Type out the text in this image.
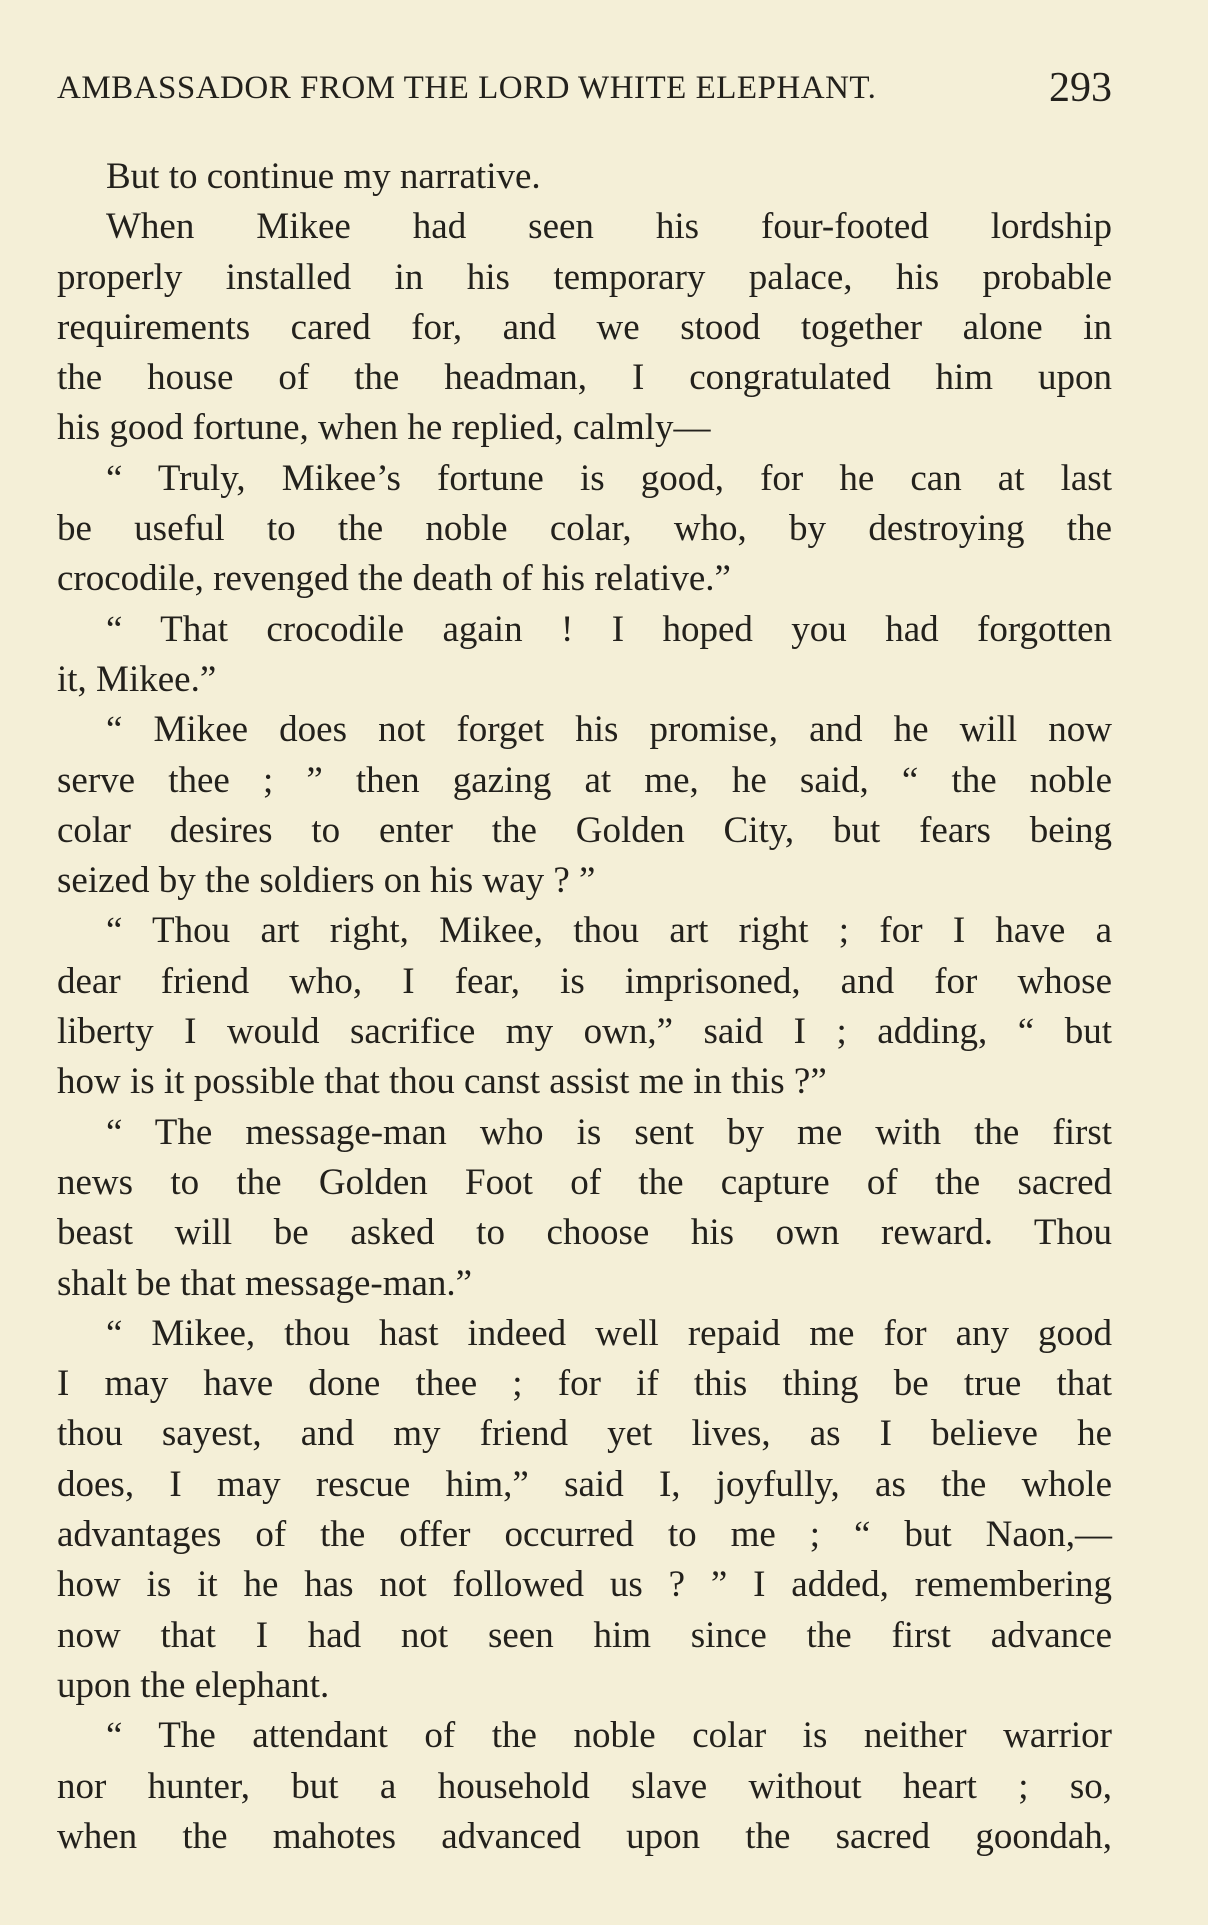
AMBASSADOR FROM THE LORD WHITE ELEPHANT.	293
But to continue my narrative.
When Mikee had seen his four-footed lordship
properly installed in his temporary palace, his probable
requirements cared for, and we stood together alone in
the house of the headman, I congratulated him upon
his good fortune, when he replied, calmly—
“ Truly, Mikee’s fortune is good, for he can at last
be useful to the noble colar, who, by destroying the
crocodile, revenged the death of his relative.”
“ That crocodile again ! I hoped you had forgotten
it, Mikee.”
“ Mikee does not forget his promise, and he will now
serve thee ; ” then gazing at me, he said, “ the noble
colar desires to enter the Golden City, but fears being
seized by the soldiers on his way ? ”
“ Thou art right, Mikee, thou art right ; for I have a
dear friend who, I fear, is imprisoned, and for whose
liberty I would sacrifice my own,” said I ; adding, “ but
how is it possible that thou canst assist me in this ?”
“ The message-man who is sent by me with the first
news to the Golden Foot of the capture of the sacred
beast will be asked to choose his own reward. Thou
shalt be that message-man.”
“ Mikee, thou hast indeed well repaid me for any good
I may have done thee ; for if this thing be true that
thou sayest, and my friend yet lives, as I believe he
does, I may rescue him,” said I, joyfully, as the whole
advantages of the offer occurred to me ; “ but Naon,—
how is it he has not followed us ? ” I added, remembering
now that I had not seen him since the first advance
upon the elephant.
“ The attendant of the noble colar is neither warrior
nor hunter, but a household slave without heart ; so,
when the mahotes advanced upon the sacred goondah,
